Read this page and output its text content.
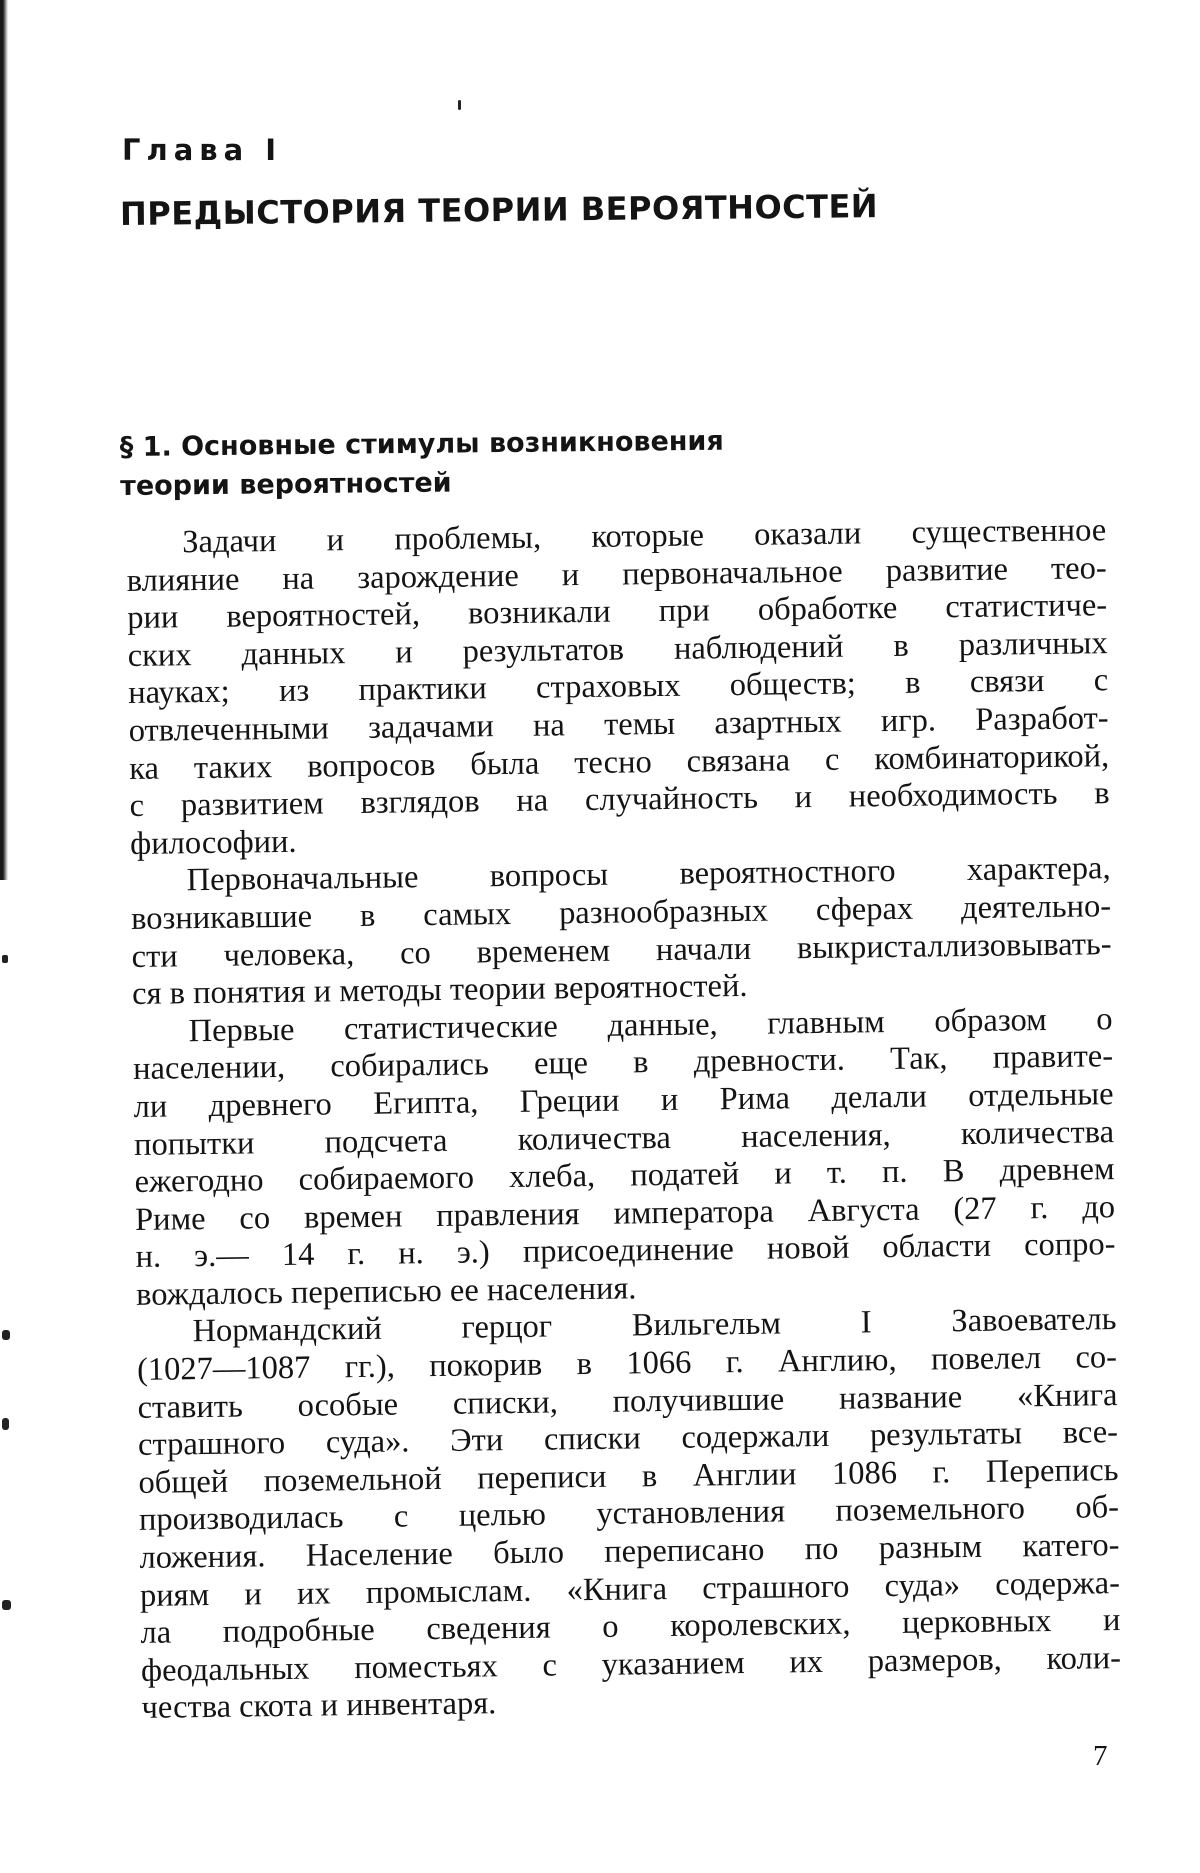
Глава I
ПРЕДЫСТОРИЯ ТЕОРИИ ВЕРОЯТНОСТЕЙ
§ 1. Основные стимулы возникновения
теории вероятностей

Задачи и проблемы, которые оказали существенное
влияние на зарождение и первоначальное развитие тео-
рии вероятностей, возникали при обработке статистиче-
ских данных и результатов наблюдений в различных
науках; из практики страховых обществ; в связи с
отвлеченными задачами на темы азартных игр. Разработ-
ка таких вопросов была тесно связана с комбинаторикой,
с развитием взглядов на случайность и необходимость в
философии.

Первоначальные вопросы вероятностного характера,
возникавшие в самых разнообразных сферах деятельно-
сти человека, со временем начали выкристаллизовывать-
ся в понятия и методы теории вероятностей.

Первые статистические данные, главным образом о
населении, собирались еще в древности. Так, правите-
ли древнего Египта, Греции и Рима делали отдельные
попытки подсчета количества населения, количества
ежегодно собираемого хлеба, податей и т. п. В древнем
Риме со времен правления императора Августа (27 г. до
н. э.— 14 г. н. э.) присоединение новой области сопро-
вождалось переписью ее населения.

Нормандский герцог Вильгельм I Завоеватель
(1027—1087 гг.), покорив в 1066 г. Англию, повелел со-
ставить особые списки, получившие название «Книга
страшного суда». Эти списки содержали результаты все-
общей поземельной переписи в Англии 1086 г. Перепись
производилась с целью установления поземельного об-
ложения. Население было переписано по разным катего-
риям и их промыслам. «Книга страшного суда» содержа-
ла подробные сведения о королевских, церковных и
феодальных поместьях с указанием их размеров, коли-
чества скота и инвентаря.

7
